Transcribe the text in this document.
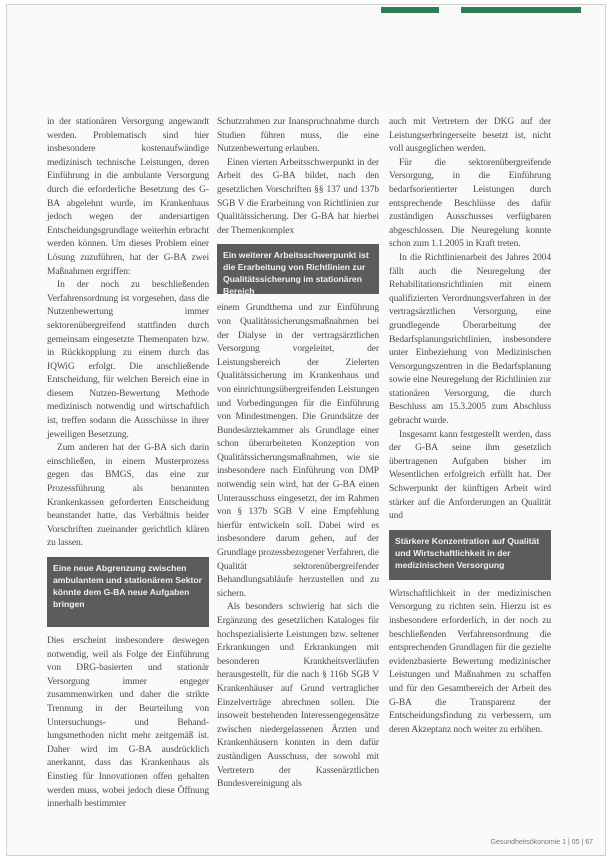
in der stationären Versorgung angewandt werden. Problematisch sind hier insbesondere kostenaufwändige medizinisch technische Leistungen, deren Einführung in die ambulante Versorgung durch die erforderliche Besetzung des G-BA abgelehnt wurde, im Krankenhaus jedoch wegen der andersartigen Entscheidungsgrundlage weiterhin erbracht werden können. Um dieses Problem einer Lösung zuzuführen, hat der G-BA zwei Maßnahmen ergriffen:

In der noch zu beschließenden Verfahrensordnung ist vorgesehen, dass die Nutzenbewertung immer sektorenübergreifend stattfinden durch gemeinsam eingesetzte Themenpaten bzw. in Rückkopplung zu einem durch das IQWiG erfolgt. Die anschließende Entscheidung, für welchen Bereich eine in diesem Nutzen-Bewertung Methode medizinisch notwendig und wirtschaftlich ist, treffen sodann die Ausschüsse in ihrer jeweiligen Besetzung.

Zum anderen hat der G-BA sich darin einschließen, in einem Musterprozess gegen das BMGS, das eine zur Prozessführung als benannten Krankenkassen geforderten Entscheidung beanstandet hatte, das Verbältnis beider Vorschriften zueinander gerichtlich klären zu lassen.

Eine neue Abgrenzung zwischen ambulantem und stationärem Sektor könnte dem G-BA neue Aufgaben bringen

Dies erscheint insbesondere deswegen notwendig, weil als Folge der Einführung von DRG-basierten und stationär Versorgung immer engeger zusammenwirken und daher die strikte Trennung in der Beurteilung von Untersuchungs- und Behandlungsmethoden nicht mehr zeitgemäß ist. Daher wird im G-BA ausdrücklich anerkannt, dass das Krankenhaus als Einstieg für Innovationen offen gehalten werden muss, wobei jedoch diese Öffnung innerhalb bestimmter

Schutzrahmen zur Inanspruchnahme durch Studien führen muss, die eine Nutzenbewertung erlauben.

Einen vierten Arbeitsschwerpunkt in der Arbeit des G-BA bildet, nach den gesetzlichen Vorschriften §§ 137 und 137b SGB V die Erarbeitung von Richtlinien zur Qualitätssicherung. Der G-BA hat hierbei der Themenkomplex

Ein weiterer Arbeitsschwerpunkt ist die Erarbeitung von Richtlinien zur Qualitätssicherung im stationären Bereich

einem Grundthema und zur Einführung von Qualitätssicherungsmaßnahmen bei der Dialyse in der vertragsärztlichen Versorgung vorgeleitet, der Leistungsbereich der Zielerten Qualitätssicherung im Krankenhaus und von einrichtungsübergreifenden Leistungen und Vorbedingungen für die Einführung von Mindestmengen. Die Grundsätze der Bundesärztekammer als Grundlage einer schon überarbeiteten Konzeption von Qualitätssicherungsmaßnahmen, wie sie insbesondere nach Einführung von DMP notwendig sein wird, hat der G-BA einen Unterausschuss eingesetzt, der im Rahmen von § 137b SGB V eine Empfehlung hierfür entwickeln soll. Dabei wird es insbesondere darum gehen, auf der Grundlage prozessbezogener Verfahren, die Qualität sektorenübergreifender Behandlungsabläufe herzustellen und zu sichern.

Als besonders schwierig hat sich die Ergänzung des gesetzlichen Kataloges für hochspezialisierte Leistungen bzw. seltener Erkrankungen und Erkrankungen mit besonderen Krankheitsverläufen herausgestellt, für die nach § 116b SGB V Krankenhäuser auf Grund vertraglicher Einzelverträge abrechnen sollen. Die insoweit bestehenden Interessengegensätze zwischen niedergelassenen Ärzten und Krankenhäusern konnten in dem dafür zuständigen Ausschuss, der sowohl mit Vertretern der Kassenärztlichen Bundesvereinigung als

auch mit Vertretern der DKG auf der Leistungserbringerseite besetzt ist, nicht voll ausgeglichen werden.

Für die sektorenübergreifende Versorgung, in die Einführung bedarfsorientierter Leistungen durch entsprechende Beschlüsse des dafür zuständigen Ausschusses verfügbaren abgeschlossen. Die Neuregelung konnte schon zum 1.1.2005 in Kraft treten.

In die Richtlinienarbeit des Jahres 2004 fällt auch die Neuregelung der Rehabilitationsrichtlinien mit einem qualifizierten Verordnungsverfahren in der vertragsärztlichen Versorgung, eine grundlegende Überarbeitung der Bedarfsplanungsrichtlinien, insbesondere unter Einbeziehung von Medizinischen Versorgungszentren in die Bedarfsplanung sowie eine Neuregelung der Richtlinien zur stationären Versorgung, die durch Beschluss am 15.3.2005 zum Abschluss gebracht wurde.

Insgesamt kann festgestellt werden, dass der G-BA seine ihm gesetzlich übertragenen Aufgaben bisher im Wesentlichen erfolgreich erfüllt hat. Der Schwerpunkt der künftigen Arbeit wird stärker auf die Anforderungen an Qualität und

Stärkere Konzentration auf Qualität und Wirtschaftlichkeit in der medizinischen Versorgung

Wirtschaftlichkeit in der medizinischen Versorgung zu richten sein. Hierzu ist es insbesondere erforderlich, in der noch zu beschließenden Verfahrensordnung die entsprechenden Grundlagen für die gezielte evidenzbasierte Bewertung medizinischer Leistungen und Maßnahmen zu schaffen und für den Gesamtbereich der Arbeit des G-BA die Transparenz der Entscheidungsfindung zu verbessern, um deren Akzeptanz noch weiter zu erhöhen.

Gesundheitsökonomie 1 | 05 | 67
